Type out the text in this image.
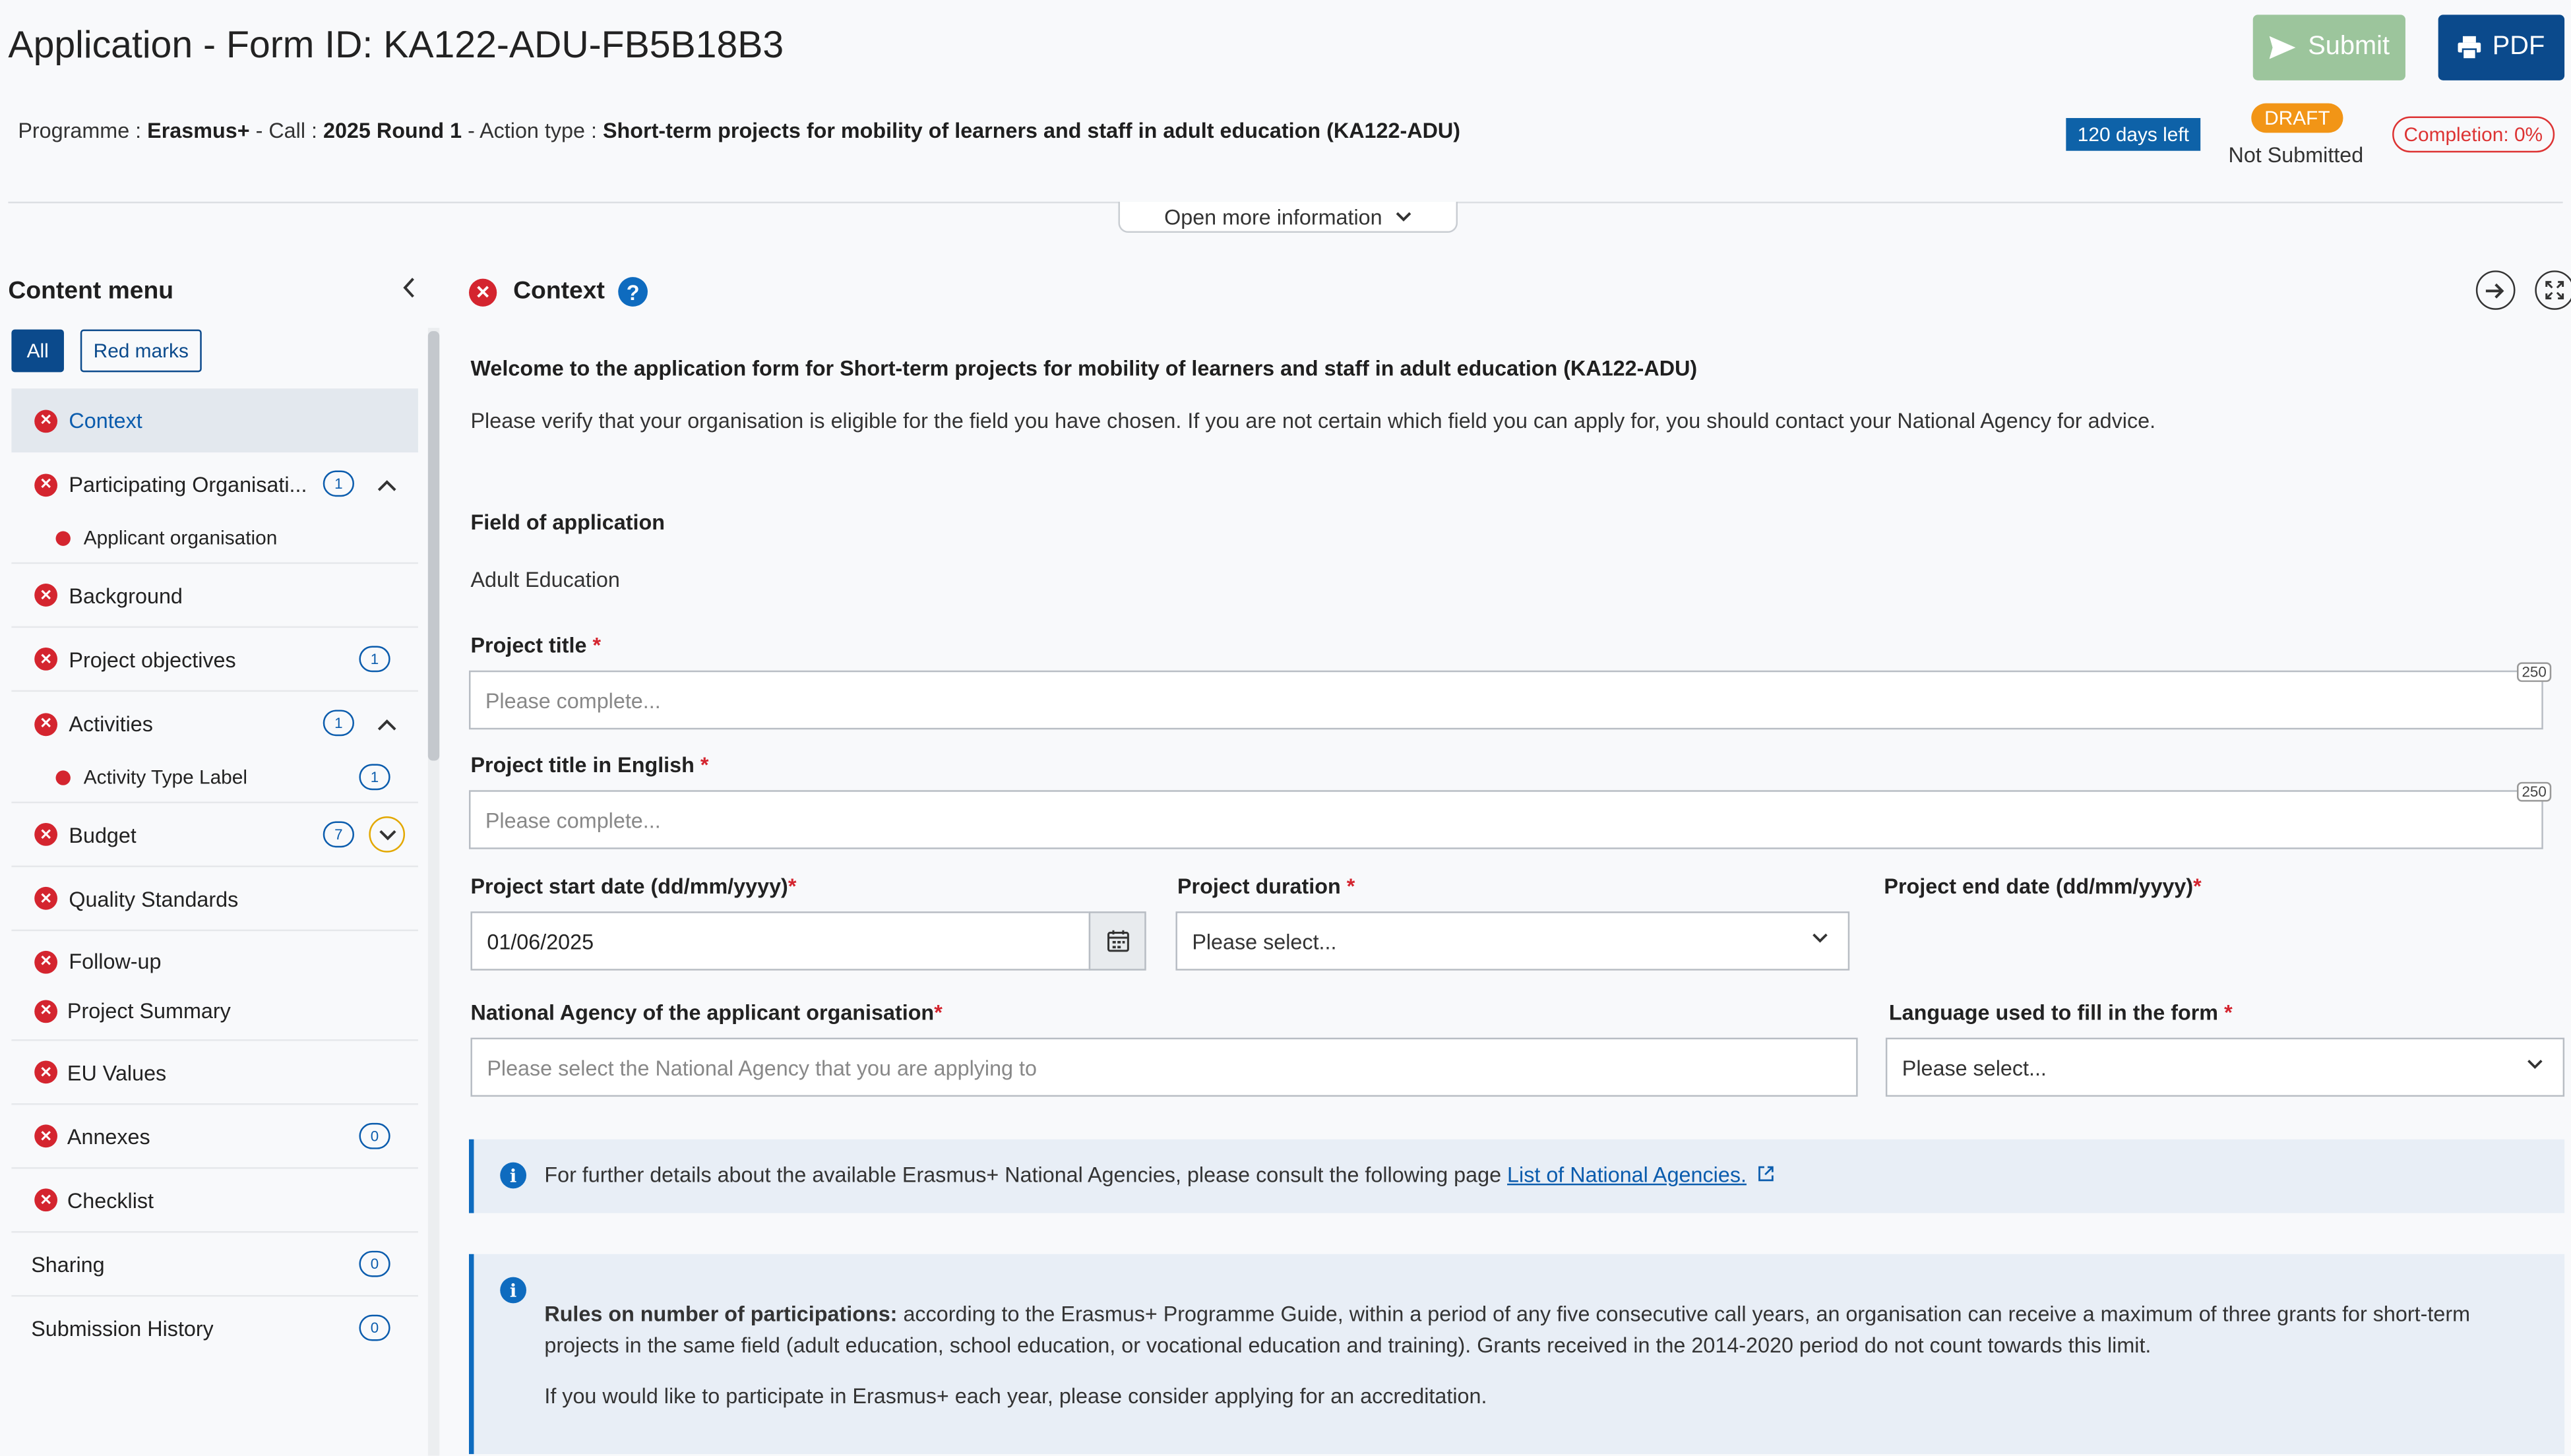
Application - Form ID: KA122-ADU-FB5B18B3	Submit	PDF
Programme : Erasmus+ - Call : 2025 Round 1 - Action type : Short-term projects for mobility of learners and staff in adult education (KA122-ADU)	120 days left
DRAFT
Not Submitted
Completion: 0%
Open more information
Content menu
All	Red marks
✕	Context
✕	Participating Organisati...	1
Applicant organisation
✕	Background
✕	Project objectives	1
✕	Activities	1
Activity Type Label	1
✕	Budget	7
✕	Quality Standards
✕	Follow-up
✕	Project Summary
✕	EU Values
✕	Annexes	0
✕	Checklist
Sharing	0
Submission History	0
✕	Context	?
Welcome to the application form for Short-term projects for mobility of learners and staff in adult education (KA122-ADU)
Please verify that your organisation is eligible for the field you have chosen. If you are not certain which field you can apply for, you should contact your National Agency for advice.
Field of application
Adult Education
Project title *
Please complete...
250
Project title in English *
Please complete...
250
Project start date (dd/mm/yyyy)*
01/06/2025
Project duration *
Please select...
Project end date (dd/mm/yyyy)*
National Agency of the applicant organisation*
Please select the National Agency that you are applying to
Language used to fill in the form *
Please select...
i	For further details about the available Erasmus+ National Agencies, please consult the following page List of National Agencies.
i
Rules on number of participations: according to the Erasmus+ Programme Guide, within a period of any five consecutive call years, an organisation can receive a maximum of three grants for short-term projects in the same field (adult education, school education, or vocational education and training). Grants received in the 2014-2020 period do not count towards this limit.
If you would like to participate in Erasmus+ each year, please consider applying for an accreditation.
